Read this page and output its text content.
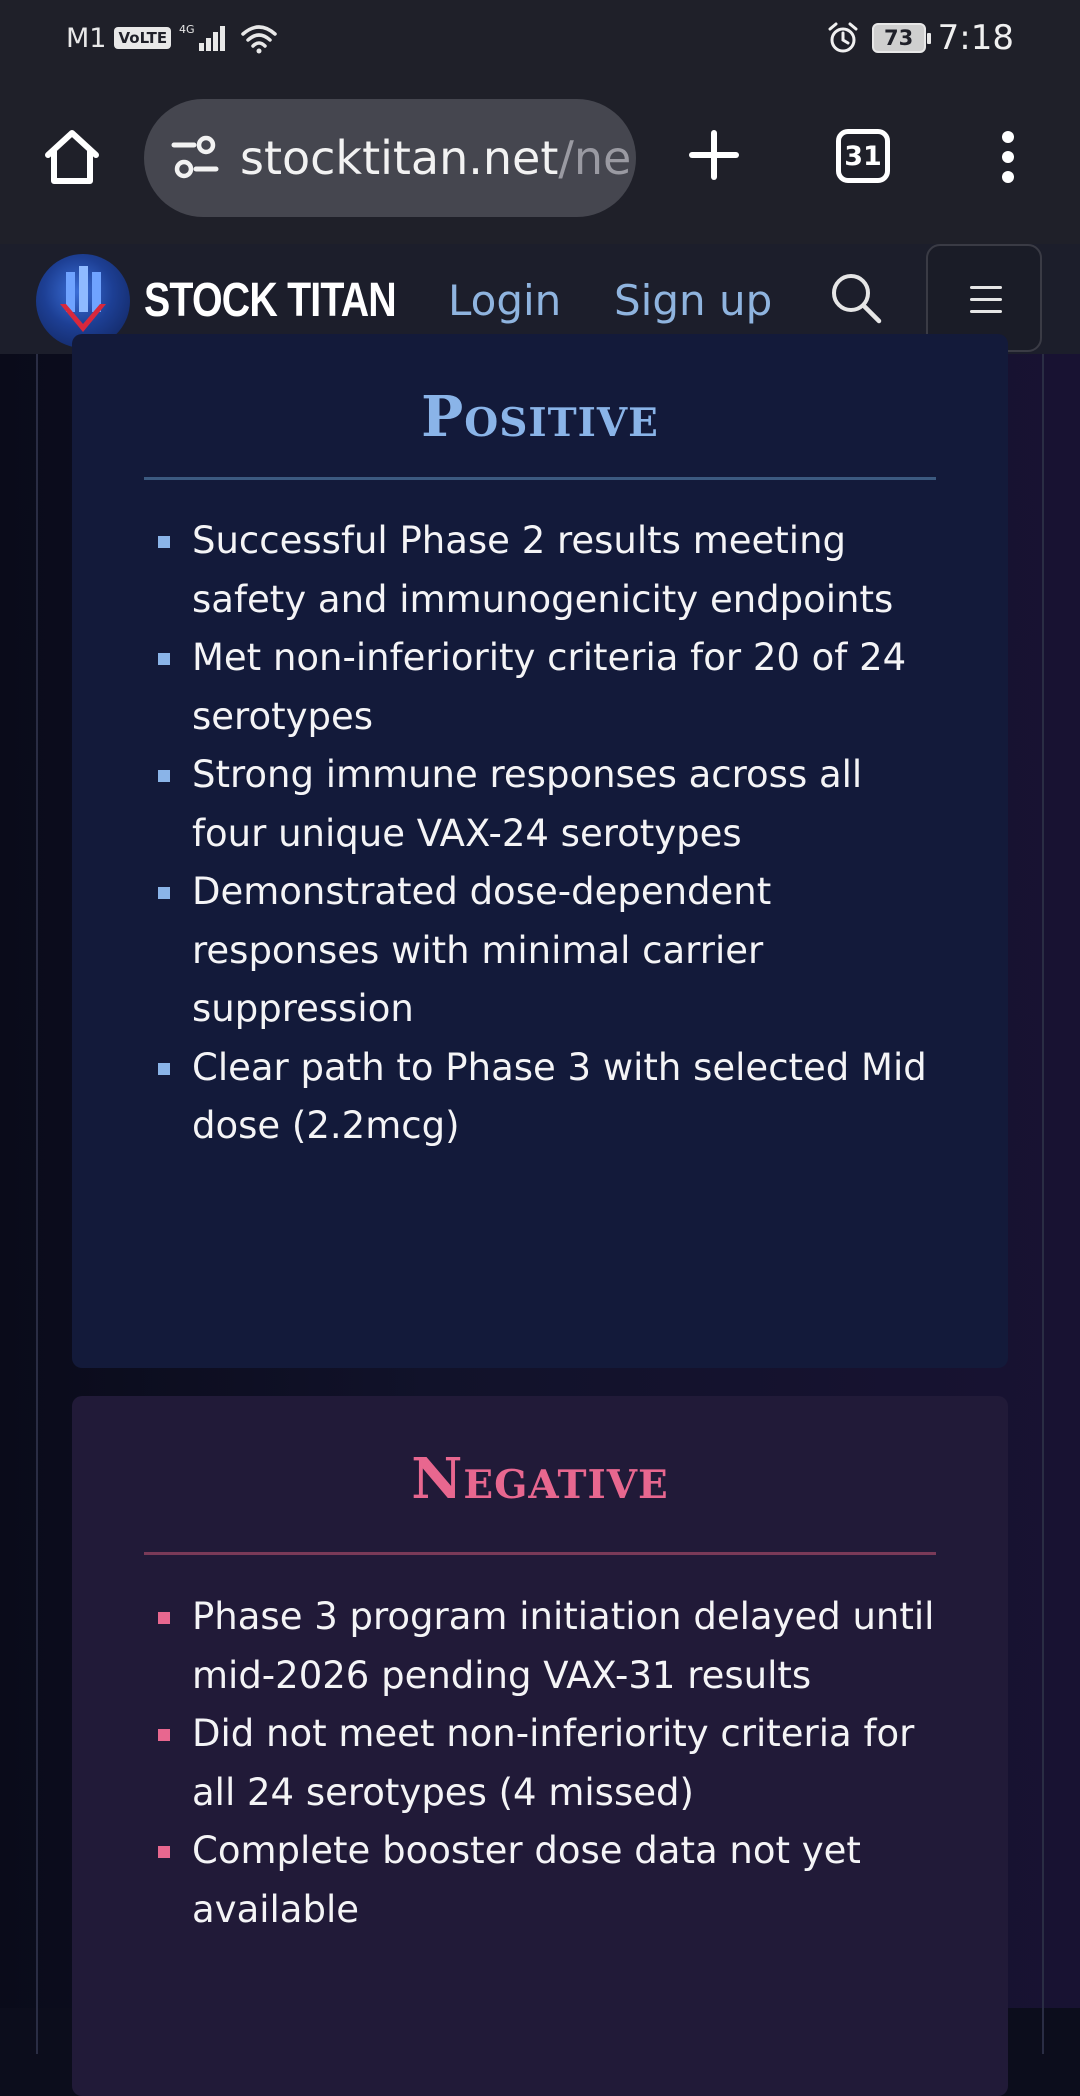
M1 VoLTE	4G	73 7:18
stocktitan.net/ne	31
STOCK TITAN Login Sign up
Positive
Successful Phase 2 results meeting safety and immunogenicity endpoints
Met non-inferiority criteria for 20 of 24 serotypes
Strong immune responses across all four unique VAX-24 serotypes
Demonstrated dose-dependent responses with minimal carrier suppression
Clear path to Phase 3 with selected Mid dose (2.2mcg)
Negative
Phase 3 program initiation delayed until mid-2026 pending VAX-31 results
Did not meet non-inferiority criteria for all 24 serotypes (4 missed)
Complete booster dose data not yet available
